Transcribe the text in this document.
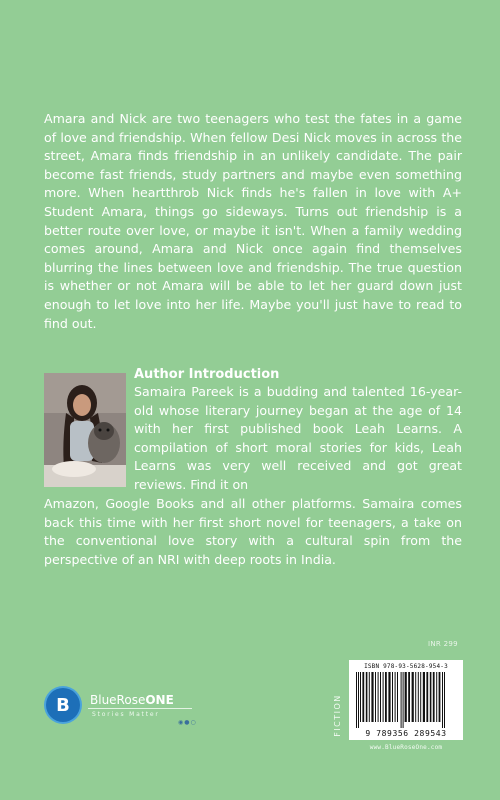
Amara and Nick are two teenagers who test the fates in a game of love and friendship. When fellow Desi Nick moves in across the street, Amara finds friendship in an unlikely candidate. The pair become fast friends, study partners and maybe even something more. When heartthrob Nick finds he's fallen in love with A+ Student Amara, things go sideways. Turns out friendship is a better route over love, or maybe it isn't. When a family wedding comes around, Amara and Nick once again find themselves blurring the lines between love and friendship. The true question is whether or not Amara will be able to let her guard down just enough to let love into her life. Maybe you'll just have to read to find out.

Author Introduction

Samaira Pareek is a budding and talented 16-year-old whose literary journey began at the age of 14 with her first published book Leah Learns. A compilation of short moral stories for kids, Leah Learns was very well received and got great reviews. Find it on

Amazon, Google Books and all other platforms. Samaira comes back this time with her first short novel for teenagers, a take on the conventional love story with a cultural spin from the perspective of an NRI with deep roots in India.

INR 299
FICTION
ISBN 978-93-5628-954-3
9 789356 289543
www.BlueRoseOne.com
B BlueRoseONE

Stories Matter
◉ ● ○
